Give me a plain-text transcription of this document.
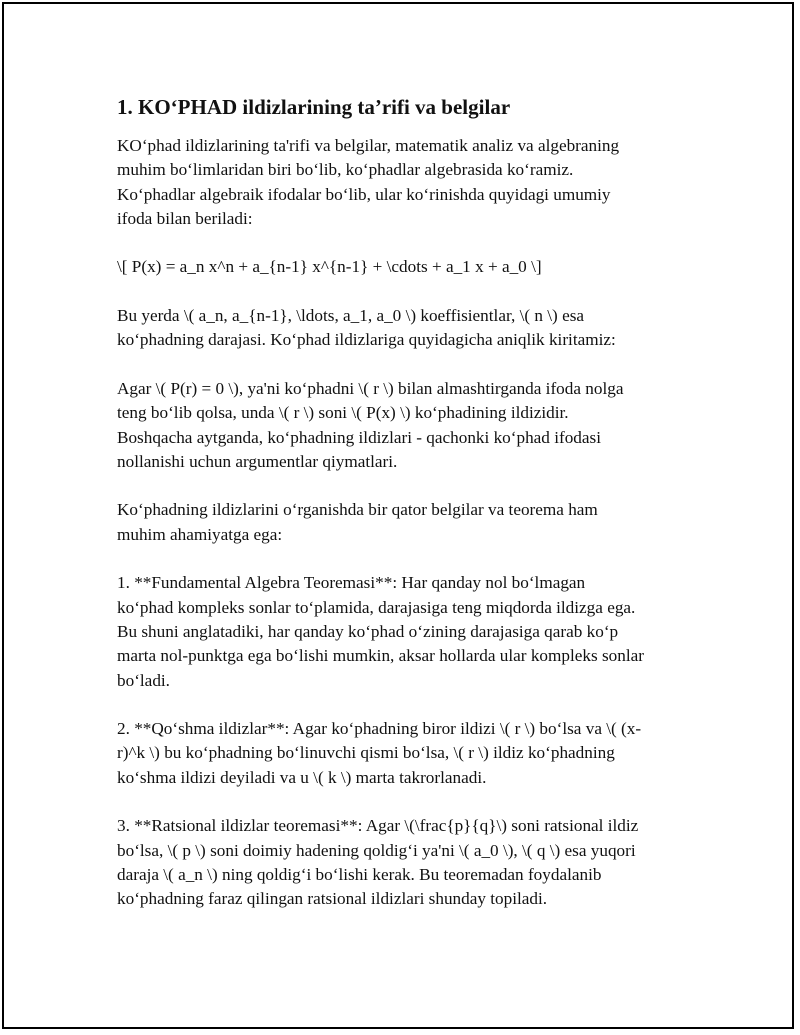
1. KO‘PHAD ildizlarining ta’rifi va belgilar

KO‘phad ildizlarining ta'rifi va belgilar, matematik analiz va algebraning
muhim bo‘limlaridan biri bo‘lib, ko‘phadlar algebrasida ko‘ramiz.
Ko‘phadlar algebraik ifodalar bo‘lib, ular ko‘rinishda quyidagi umumiy
ifoda bilan beriladi:

\[ P(x) = a_n x^n + a_{n-1} x^{n-1} + \cdots + a_1 x + a_0 \]

Bu yerda \( a_n, a_{n-1}, \ldots, a_1, a_0 \) koeffisientlar, \( n \) esa
ko‘phadning darajasi. Ko‘phad ildizlariga quyidagicha aniqlik kiritamiz:

Agar \( P(r) = 0 \), ya'ni ko‘phadni \( r \) bilan almashtirganda ifoda nolga
teng bo‘lib qolsa, unda \( r \) soni \( P(x) \) ko‘phadining ildizidir.
Boshqacha aytganda, ko‘phadning ildizlari - qachonki ko‘phad ifodasi
nollanishi uchun argumentlar qiymatlari.

Ko‘phadning ildizlarini o‘rganishda bir qator belgilar va teorema ham
muhim ahamiyatga ega:

1. **Fundamental Algebra Teoremasi**: Har qanday nol bo‘lmagan
ko‘phad kompleks sonlar to‘plamida, darajasiga teng miqdorda ildizga ega.
Bu shuni anglatadiki, har qanday ko‘phad o‘zining darajasiga qarab ko‘p
marta nol-punktga ega bo‘lishi mumkin, aksar hollarda ular kompleks sonlar
bo‘ladi.

2. **Qo‘shma ildizlar**: Agar ko‘phadning biror ildizi \( r \) bo‘lsa va \( (x-
r)^k \) bu ko‘phadning bo‘linuvchi qismi bo‘lsa, \( r \) ildiz ko‘phadning
ko‘shma ildizi deyiladi va u \( k \) marta takrorlanadi.

3. **Ratsional ildizlar teoremasi**: Agar \(\frac{p}{q}\) soni ratsional ildiz
bo‘lsa, \( p \) soni doimiy hadening qoldig‘i ya'ni \( a_0 \), \( q \) esa yuqori
daraja \( a_n \) ning qoldig‘i bo‘lishi kerak. Bu teoremadan foydalanib
ko‘phadning faraz qilingan ratsional ildizlari shunday topiladi.
